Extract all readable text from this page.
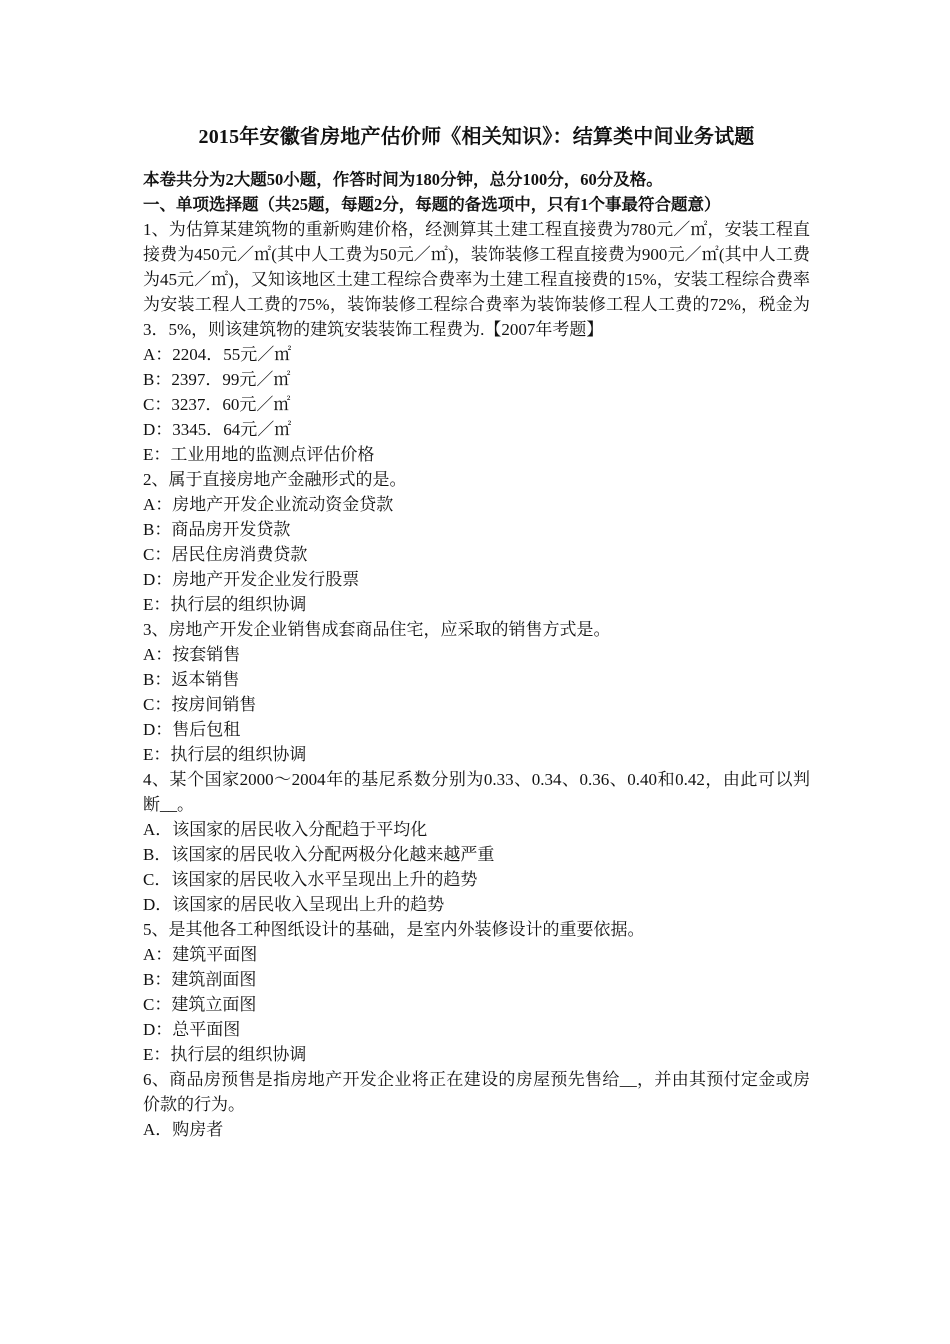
2015年安徽省房地产估价师《相关知识》：结算类中间业务试题

本卷共分为2大题50小题，作答时间为180分钟，总分100分，60分及格。

一、单项选择题（共25题，每题2分，每题的备选项中，只有1个事最符合题意）

1、为估算某建筑物的重新购建价格，经测算其土建工程直接费为780元／㎡，安装工程直接费为450元／㎡(其中人工费为50元／㎡)，装饰装修工程直接费为900元／㎡(其中人工费为45元／㎡)，又知该地区土建工程综合费率为土建工程直接费的15%，安装工程综合费率为安装工程人工费的75%，装饰装修工程综合费率为装饰装修工程人工费的72%，税金为3．5%，则该建筑物的建筑安装装饰工程费为.【2007年考题】

A：2204．55元／㎡

B：2397．99元／㎡

C：3237．60元／㎡

D：3345．64元／㎡

E：工业用地的监测点评估价格

2、属于直接房地产金融形式的是。

A：房地产开发企业流动资金贷款

B：商品房开发贷款

C：居民住房消费贷款

D：房地产开发企业发行股票

E：执行层的组织协调

3、房地产开发企业销售成套商品住宅，应采取的销售方式是。

A：按套销售

B：返本销售

C：按房间销售

D：售后包租

E：执行层的组织协调

4、某个国家2000～2004年的基尼系数分别为0.33、0.34、0.36、0.40和0.42，由此可以判断__。

A．该国家的居民收入分配趋于平均化

B．该国家的居民收入分配两极分化越来越严重

C．该国家的居民收入水平呈现出上升的趋势

D．该国家的居民收入呈现出上升的趋势

5、是其他各工种图纸设计的基础，是室内外装修设计的重要依据。

A：建筑平面图

B：建筑剖面图

C：建筑立面图

D：总平面图

E：执行层的组织协调

6、商品房预售是指房地产开发企业将正在建设的房屋预先售给__，并由其预付定金或房价款的行为。

A．购房者
